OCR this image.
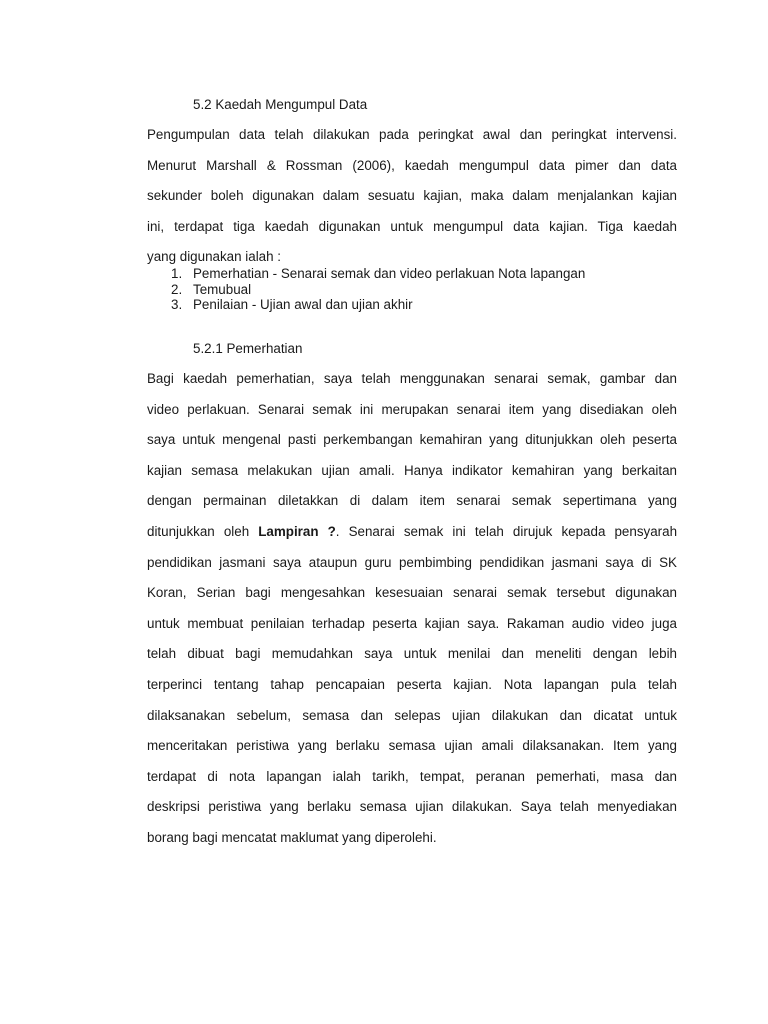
5.2 Kaedah Mengumpul Data

Pengumpulan data telah dilakukan pada peringkat awal dan peringkat intervensi.
Menurut Marshall & Rossman (2006), kaedah mengumpul data pimer dan data
sekunder boleh digunakan dalam sesuatu kajian, maka dalam menjalankan kajian
ini, terdapat tiga kaedah digunakan untuk mengumpul data kajian. Tiga kaedah
yang digunakan ialah :

1. Pemerhatian - Senarai semak dan video perlakuan Nota lapangan
2. Temubual
3. Penilaian - Ujian awal dan ujian akhir
5.2.1 Pemerhatian

Bagi kaedah pemerhatian, saya telah menggunakan senarai semak, gambar dan
video perlakuan. Senarai semak ini merupakan senarai item yang disediakan oleh
saya untuk mengenal pasti perkembangan kemahiran yang ditunjukkan oleh peserta
kajian semasa melakukan ujian amali. Hanya indikator kemahiran yang berkaitan
dengan permainan diletakkan di dalam item senarai semak sepertimana yang
ditunjukkan oleh Lampiran ?. Senarai semak ini telah dirujuk kepada pensyarah
pendidikan jasmani saya ataupun guru pembimbing pendidikan jasmani saya di SK
Koran, Serian bagi mengesahkan kesesuaian senarai semak tersebut digunakan
untuk membuat penilaian terhadap peserta kajian saya. Rakaman audio video juga
telah dibuat bagi memudahkan saya untuk menilai dan meneliti dengan lebih
terperinci tentang tahap pencapaian peserta kajian. Nota lapangan pula telah
dilaksanakan sebelum, semasa dan selepas ujian dilakukan dan dicatat untuk
menceritakan peristiwa yang berlaku semasa ujian amali dilaksanakan. Item yang
terdapat di nota lapangan ialah tarikh, tempat, peranan pemerhati, masa dan
deskripsi peristiwa yang berlaku semasa ujian dilakukan. Saya telah menyediakan
borang bagi mencatat maklumat yang diperolehi.
